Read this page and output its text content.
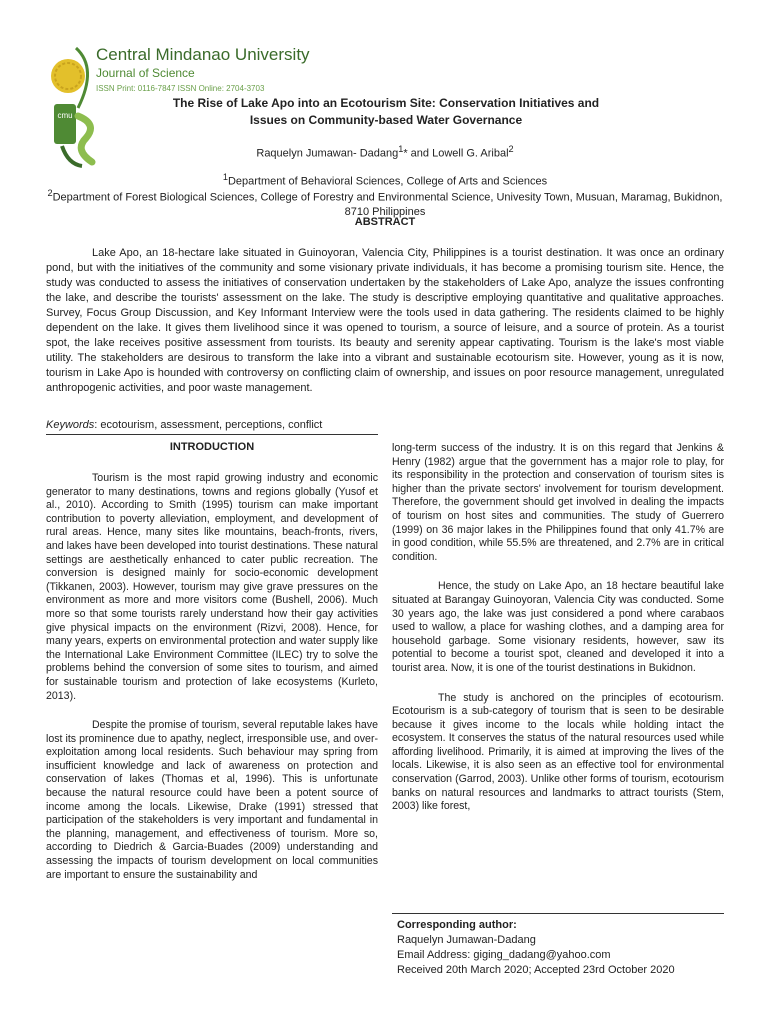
cmu
Central Mindanao University
Journal of Science
ISSN Print: 0116-7847 ISSN Online: 2704-3703
The Rise of Lake Apo into an Ecotourism Site: Conservation Initiatives and
Issues on Community-based Water Governance
Raquelyn Jumawan- Dadang$^1$* and Lowell G. Aribal$^2$
$^1$Department of Behavioral Sciences, College of Arts and Sciences
$^2$Department of Forest Biological Sciences, College of Forestry and Environmental Science, Univesity Town, Musuan, Maramag, Bukidnon, 8710 Philippines
ABSTRACT

Lake Apo, an 18-hectare lake situated in Guinoyoran, Valencia City, Philippines is a tourist destination. It was once an ordinary pond, but with the initiatives of the community and some visionary private individuals, it has become a promising tourism site. Hence, the study was conducted to assess the initiatives of conservation undertaken by the stakeholders of Lake Apo, analyze the issues confronting the lake, and describe the tourists' assessment on the lake. The study is descriptive employing quantitative and qualitative approaches. Survey, Focus Group Discussion, and Key Informant Interview were the tools used in data gathering. The residents claimed to be highly dependent on the lake. It gives them livelihood since it was opened to tourism, a source of leisure, and a source of protein. As a tourist spot, the lake receives positive assessment from tourists. Its beauty and serenity appear captivating. Tourism is the lake's most viable utility. The stakeholders are desirous to transform the lake into a vibrant and sustainable ecotourism site. However, young as it is now, tourism in Lake Apo is hounded with controversy on conflicting claim of ownership, and issues on poor resource management, unregulated anthropogenic activities, and poor waste management.

Keywords: ecotourism, assessment, perceptions, conflict
INTRODUCTION

Tourism is the most rapid growing industry and economic generator to many destinations, towns and regions globally (Yusof et al., 2010). According to Smith (1995) tourism can make important contribution to poverty alleviation, employment, and development of rural areas. Hence, many sites like mountains, beach-fronts, rivers, and lakes have been developed into tourist destinations. These natural settings are aesthetically enhanced to cater public recreation. The conversion is designed mainly for socio-economic development (Tikkanen, 2003). However, tourism may give grave pressures on the environment as more and more visitors come (Bushell, 2006). Much more so that some tourists rarely understand how their gay activities give physical impacts on the environment (Rizvi, 2008). Hence, for many years, experts on environmental protection and water supply like the International Lake Environment Committee (ILEC) try to solve the problems behind the conversion of some sites to tourism, and aimed for sustainable tourism and protection of lake ecosystems (Kurleto, 2013).

Despite the promise of tourism, several reputable lakes have lost its prominence due to apathy, neglect, irresponsible use, and over-exploitation among local residents. Such behaviour may spring from insufficient knowledge and lack of awareness on protection and conservation of lakes (Thomas et al, 1996). This is unfortunate because the natural resource could have been a potent source of income among the locals. Likewise, Drake (1991) stressed that participation of the stakeholders is very important and fundamental in the planning, management, and effectiveness of tourism. More so, according to Diedrich & Garcia-Buades (2009) understanding and assessing the impacts of tourism development on local communities are important to ensure the sustainability and

long-term success of the industry. It is on this regard that Jenkins & Henry (1982) argue that the government has a major role to play, for its responsibility in the protection and conservation of tourism sites is higher than the private sectors' involvement for tourism development. Therefore, the government should get involved in dealing the impacts of tourism on host sites and communities. The study of Guerrero (1999) on 36 major lakes in the Philippines found that only 41.7% are in good condition, while 55.5% are threatened, and 2.7% are in critical condition.

Hence, the study on Lake Apo, an 18 hectare beautiful lake situated at Barangay Guinoyoran, Valencia City was conducted. Some 30 years ago, the lake was just considered a pond where carabaos used to wallow, a place for washing clothes, and a damping area for household garbage. Some visionary residents, however, saw its potential to become a tourist spot, cleaned and developed it into a tourist area. Now, it is one of the tourist destinations in Bukidnon.

The study is anchored on the principles of ecotourism. Ecotourism is a sub-category of tourism that is seen to be desirable because it gives income to the locals while holding intact the ecosystem. It conserves the status of the natural resources used while affording livelihood. Primarily, it is aimed at improving the lives of the locals. Likewise, it is also seen as an effective tool for environmental conservation (Garrod, 2003). Unlike other forms of tourism, ecotourism banks on natural resources and landmarks to attract tourists (Stem, 2003) like forest,

Corresponding author:
Raquelyn Jumawan-Dadang
Email Address: giging_dadang@yahoo.com
Received 20th March 2020; Accepted 23rd October 2020
